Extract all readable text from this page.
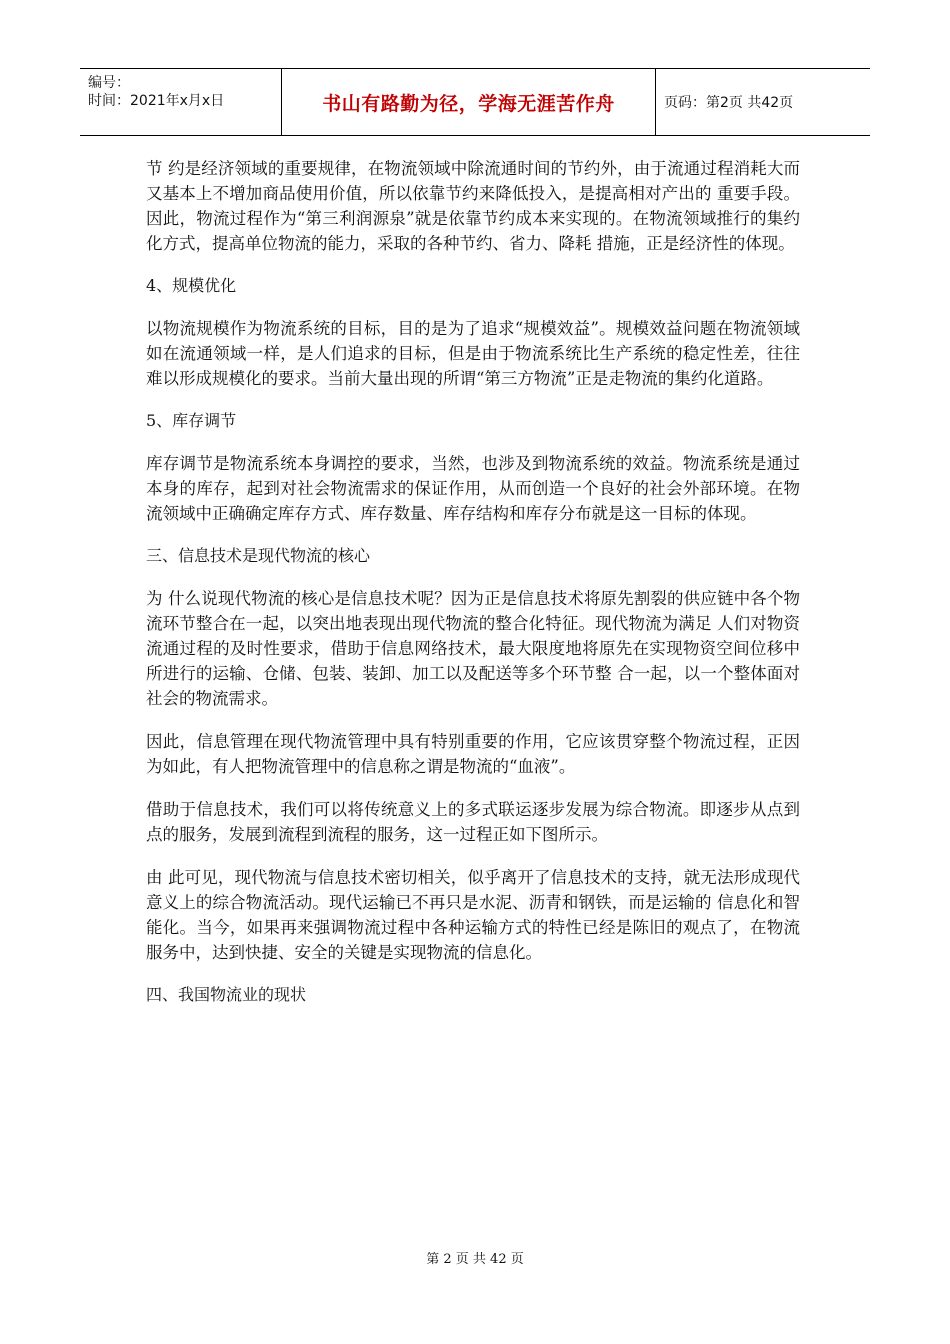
编号：
时间：2021年x月x日	书山有路勤为径，学海无涯苦作舟	页码：第2页 共42页

节 约是经济领域的重要规律，在物流领域中除流通时间的节约外，由于流通过程消耗大而又基本上不增加商品使用价值，所以依靠节约来降低投入，是提高相对产出的 重要手段。因此，物流过程作为“第三利润源泉”就是依靠节约成本来实现的。在物流领域推行的集约化方式，提高单位物流的能力，采取的各种节约、省力、降耗 措施，正是经济性的体现。

4、规模优化

以物流规模作为物流系统的目标，目的是为了追求“规模效益”。规模效益问题在物流领域如在流通领域一样，是人们追求的目标，但是由于物流系统比生产系统的稳定性差，往往难以形成规模化的要求。当前大量出现的所谓“第三方物流”正是走物流的集约化道路。

5、库存调节

库存调节是物流系统本身调控的要求，当然，也涉及到物流系统的效益。物流系统是通过本身的库存，起到对社会物流需求的保证作用，从而创造一个良好的社会外部环境。在物流领域中正确确定库存方式、库存数量、库存结构和库存分布就是这一目标的体现。

三、信息技术是现代物流的核心

为 什么说现代物流的核心是信息技术呢？因为正是信息技术将原先割裂的供应链中各个物流环节整合在一起，以突出地表现出现代物流的整合化特征。现代物流为满足 人们对物资流通过程的及时性要求，借助于信息网络技术，最大限度地将原先在实现物资空间位移中所进行的运输、仓储、包装、装卸、加工以及配送等多个环节整 合一起，以一个整体面对社会的物流需求。

因此，信息管理在现代物流管理中具有特别重要的作用，它应该贯穿整个物流过程，正因为如此，有人把物流管理中的信息称之谓是物流的“血液”。

借助于信息技术，我们可以将传统意义上的多式联运逐步发展为综合物流。即逐步从点到点的服务，发展到流程到流程的服务，这一过程正如下图所示。

由 此可见，现代物流与信息技术密切相关，似乎离开了信息技术的支持，就无法形成现代意义上的综合物流活动。现代运输已不再只是水泥、沥青和钢铁，而是运输的 信息化和智能化。当今，如果再来强调物流过程中各种运输方式的特性已经是陈旧的观点了，在物流服务中，达到快捷、安全的关键是实现物流的信息化。

四、我国物流业的现状

第 2 页 共 42 页
